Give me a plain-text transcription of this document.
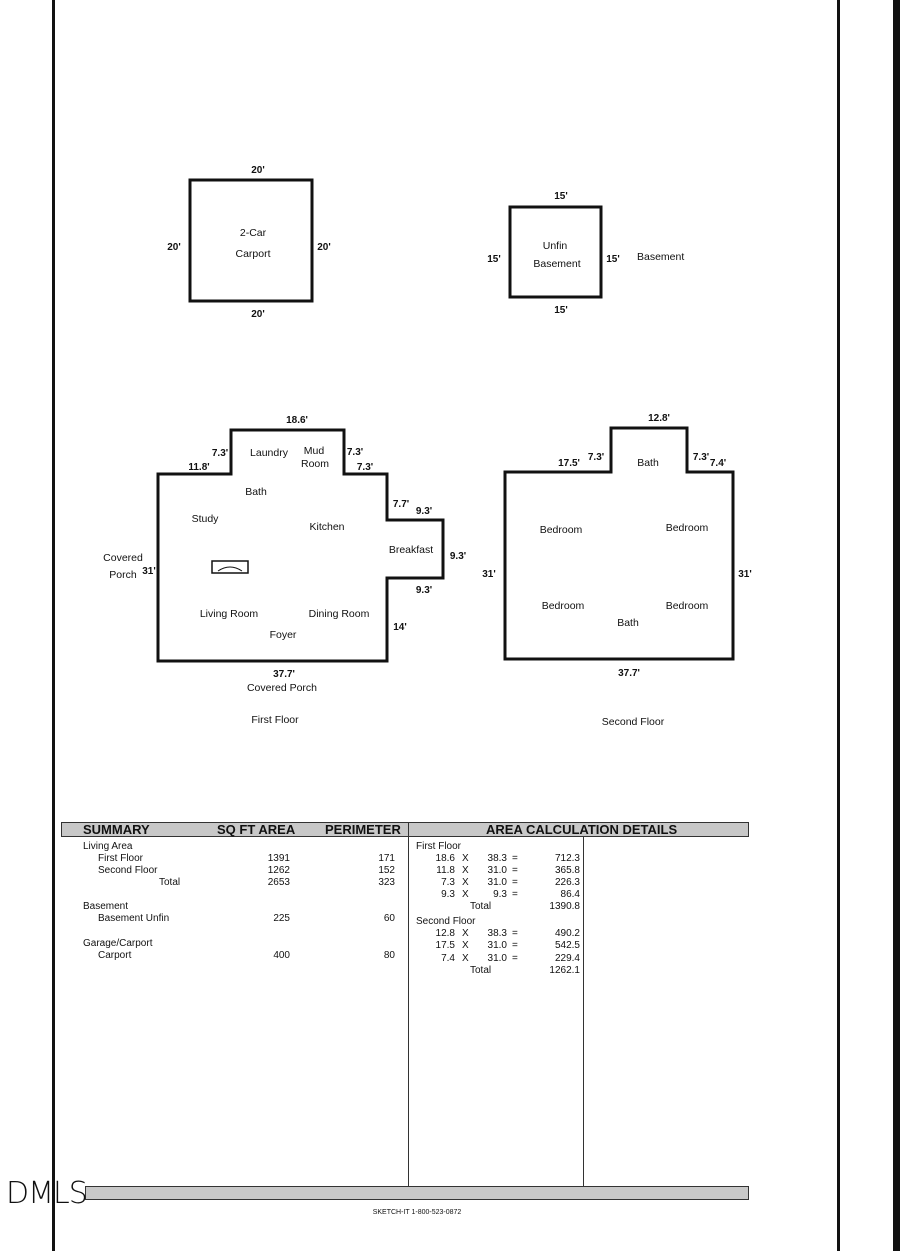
2-Car
Carport
20'
20'
20'	20'	Unfin
Basement
Basement
15'
15'
15'	15'
Laundry Mud
Room
Bath
Study
Kitchen
Breakfast
Living Room	Dining Room
Foyer
Covered
Porch
Covered Porch
18.6'
11.8'
7.3'	7.3'
7.3'
7.7'
9.3'
9.3'
9.3'
31'
14'
37.7'
First Floor
Bath
Bedroom	Bedroom
Bedroom	Bedroom
Bath
12.8'
17.5'
7.3'	7.3'
7.4'
31'	31'
37.7'
Second Floor
SUMMARY	SQ FT AREA PERIMETER	AREA CALCULATION DETAILS
Living Area
First Floor	1391	171
Second Floor	1262	152
Total	2653	323
Basement
Basement Unfin	225	60
Garage/Carport
Carport	400	80
First Floor
18.6 X	38.3 =	712.3
11.8 X	31.0 =	365.8
7.3 X	31.0 =	226.3
9.3 X	9.3 =	86.4
Total	1390.8
Second Floor
12.8 X	38.3 =	490.2
17.5 X	31.0 =	542.5
7.4 X	31.0 =	229.4
Total	1262.1
DMLS
SKETCH-IT 1-800-523-0872
